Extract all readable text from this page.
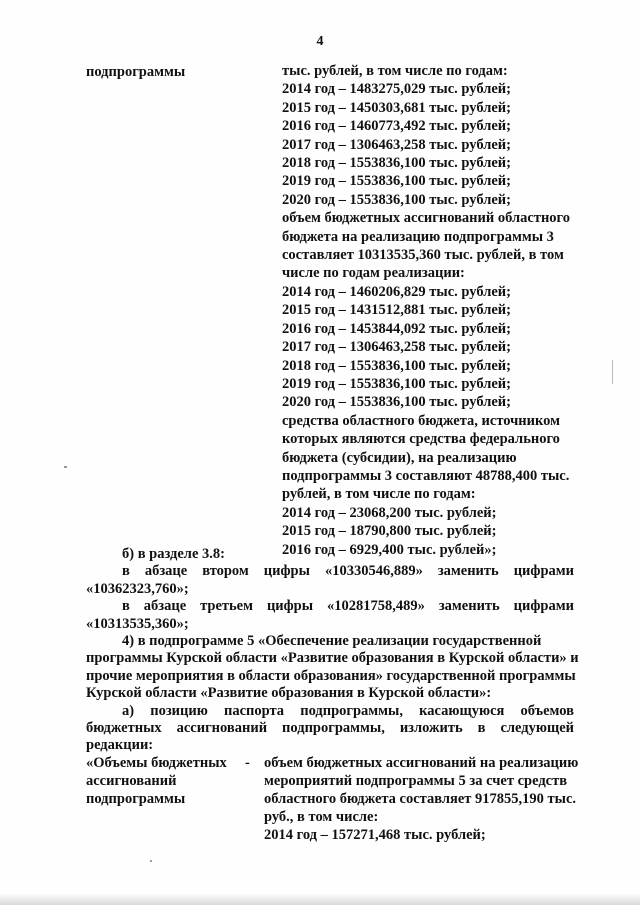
4
подпрограммы	тыс. рублей, в том числе по годам:
2014 год – 1483275,029 тыс. рублей;
2015 год – 1450303,681 тыс. рублей;
2016 год – 1460773,492 тыс. рублей;
2017 год – 1306463,258 тыс. рублей;
2018 год – 1553836,100 тыс. рублей;
2019 год – 1553836,100 тыс. рублей;
2020 год – 1553836,100 тыс. рублей;
объем бюджетных ассигнований областного
бюджета на реализацию подпрограммы 3
составляет 10313535,360 тыс. рублей, в том
числе по годам реализации:
2014 год – 1460206,829 тыс. рублей;
2015 год – 1431512,881 тыс. рублей;
2016 год – 1453844,092 тыс. рублей;
2017 год – 1306463,258 тыс. рублей;
2018 год – 1553836,100 тыс. рублей;
2019 год – 1553836,100 тыс. рублей;
2020 год – 1553836,100 тыс. рублей;
средства областного бюджета, источником
которых являются средства федерального
бюджета (субсидии), на реализацию
подпрограммы 3 составляют 48788,400 тыс.
рублей, в том числе по годам:
2014 год – 23068,200 тыс. рублей;
2015 год – 18790,800 тыс. рублей;
2016 год – 6929,400 тыс. рублей»;
б) в разделе 3.8:
в абзаце втором цифры «10330546,889» заменить цифрами
«10362323,760»;
в абзаце третьем цифры «10281758,489» заменить цифрами
«10313535,360»;
4) в подпрограмме 5 «Обеспечение реализации государственной
программы Курской области «Развитие образования в Курской области» и
прочие мероприятия в области образования» государственной программы
Курской области «Развитие образования в Курской области»:
а) позицию паспорта подпрограммы, касающуюся объемов
бюджетных ассигнований подпрограммы, изложить в следующей
редакции:
«Объемы бюджетных
ассигнований
подпрограммы
- объем бюджетных ассигнований на реализацию
мероприятий подпрограммы 5 за счет средств
областного бюджета составляет 917855,190 тыс.
руб., в том числе:
2014 год – 157271,468 тыс. рублей;
